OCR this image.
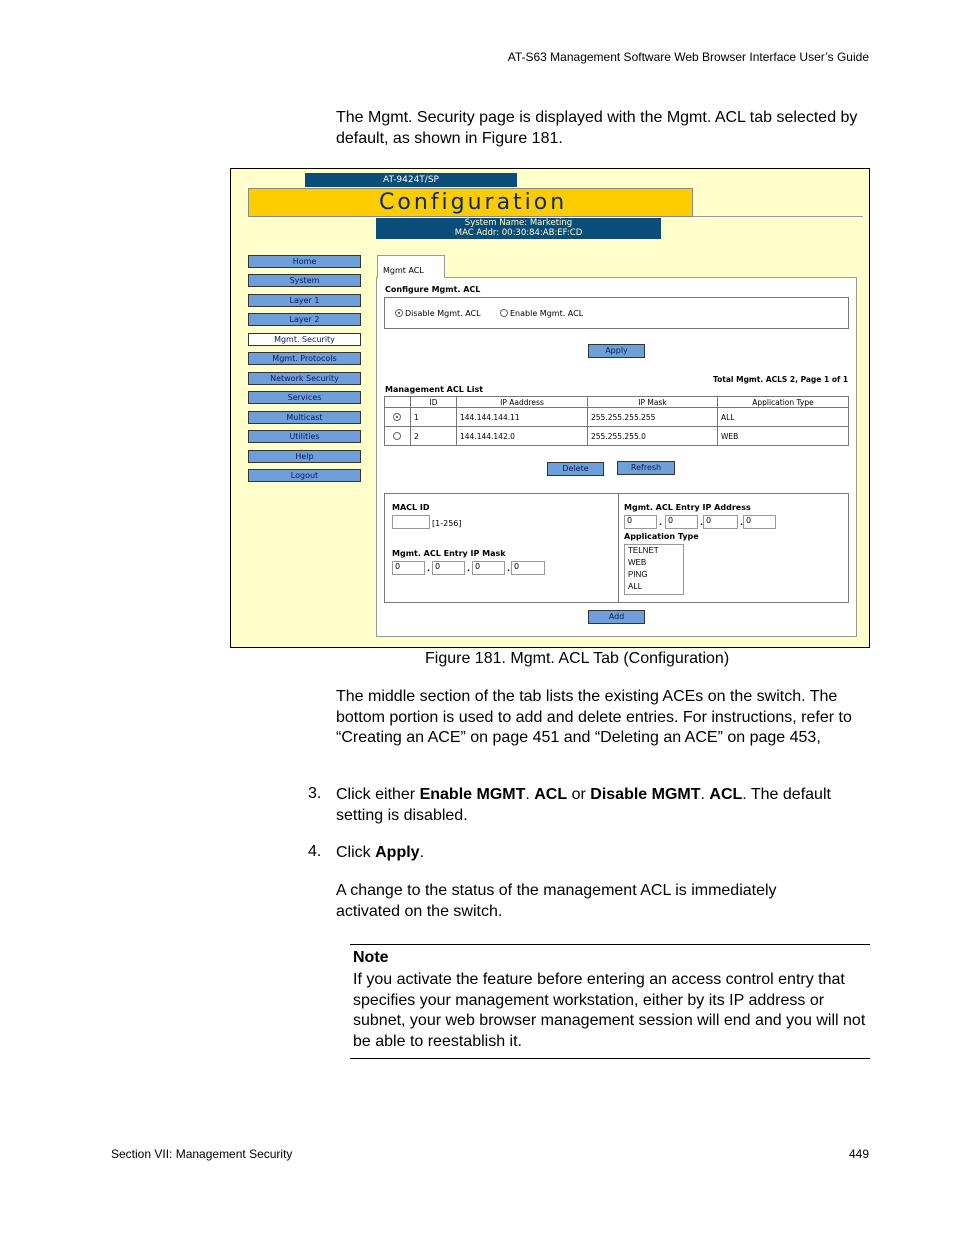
AT-S63 Management Software Web Browser Interface User’s Guide
The Mgmt. Security page is displayed with the Mgmt. ACL tab selected by default, as shown in Figure 181.
AT-9424T/SP
Configuration
System Name: Marketing
MAC Addr: 00:30:84:AB:EF:CD
Home
System
Layer 1
Layer 2
Mgmt. Security
Mgmt. Protocols
Network Security
Services
Multicast
Utilities
Help
Logout
Configure Mgmt. ACL
Disable Mgmt. ACL	Enable Mgmt. ACL
Apply
Total Mgmt. ACLS 2, Page 1 of 1
Management ACL List
	ID	IP Aaddress	IP Mask	Application Type
	1	144.144.144.11	255.255.255.255	ALL
	2	144.144.142.0	255.255.255.0	WEB
Delete	Refresh
MACL ID
[1-256]
Mgmt. ACL Entry IP Mask
0	. 0	. 0	. 0
Mgmt. ACL Entry IP Address
0	. 0	. 0	. 0
Application Type
TELNET
WEB
PING
ALL
Add
Mgmt ACL
Figure 181. Mgmt. ACL Tab (Configuration)
The middle section of the tab lists the existing ACEs on the switch. The bottom portion is used to add and delete entries. For instructions, refer to “Creating an ACE” on page 451 and “Deleting an ACE” on page 453,
3. Click either Enable MGMT. ACL or Disable MGMT. ACL. The default setting is disabled.
4. Click Apply.
A change to the status of the management ACL is immediately activated on the switch.
Note
If you activate the feature before entering an access control entry that specifies your management workstation, either by its IP address or subnet, your web browser management session will end and you will not be able to reestablish it.
Section VII: Management Security	449
